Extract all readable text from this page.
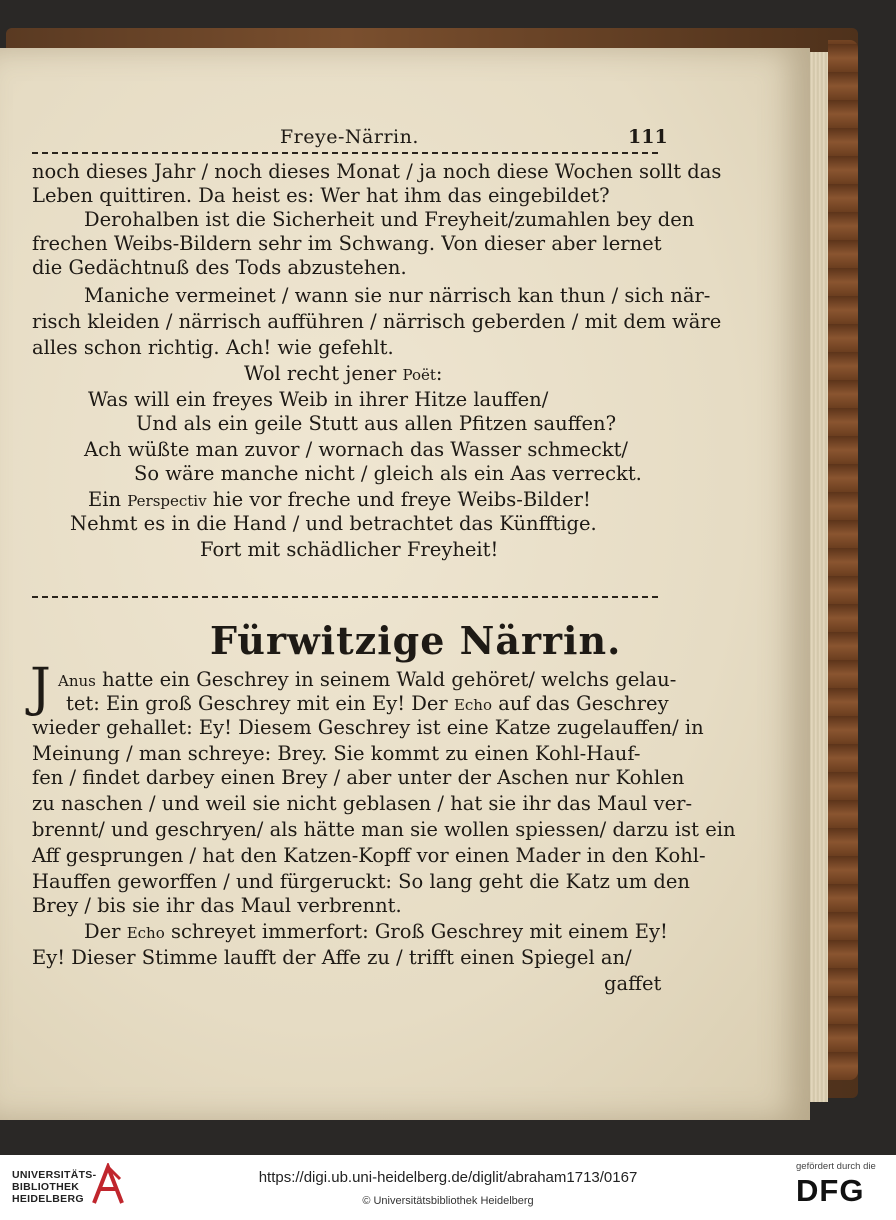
Freye-Närrin.	111
noch dieses Jahr / noch dieses Monat / ja noch diese Wochen sollt das
Leben quittiren. Da heist es: Wer hat ihm das eingebildet?
Derohalben ist die Sicherheit und Freyheit/zumahlen bey den
frechen Weibs-Bildern sehr im Schwang. Von dieser aber lernet
die Gedächtnuß des Tods abzustehen.
Maniche vermeinet / wann sie nur närrisch kan thun / sich när-
risch kleiden / närrisch aufführen / närrisch geberden / mit dem wäre
alles schon richtig. Ach! wie gefehlt.
Wol recht jener Poët:
Was will ein freyes Weib in ihrer Hitze lauffen/
Und als ein geile Stutt aus allen Pfitzen sauffen?
Ach wüßte man zuvor / wornach das Wasser schmeckt/
So wäre manche nicht / gleich als ein Aas verreckt.
Ein Perspectiv hie vor freche und freye Weibs-Bilder!
Nehmt es in die Hand / und betrachtet das Künfftige.
Fort mit schädlicher Freyheit!
Fürwitzige Närrin.
J Anus hatte ein Geschrey in seinem Wald gehöret/ welchs gelau-
tet: Ein groß Geschrey mit ein Ey! Der Echo auf das Geschrey
wieder gehallet: Ey! Diesem Geschrey ist eine Katze zugelauffen/ in
Meinung / man schreye: Brey. Sie kommt zu einen Kohl-Hauf-
fen / findet darbey einen Brey / aber unter der Aschen nur Kohlen
zu naschen / und weil sie nicht geblasen / hat sie ihr das Maul ver-
brennt/ und geschryen/ als hätte man sie wollen spiessen/ darzu ist ein
Aff gesprungen / hat den Katzen-Kopff vor einen Mader in den Kohl-
Hauffen geworffen / und fürgeruckt: So lang geht die Katz um den
Brey / bis sie ihr das Maul verbrennt.
Der Echo schreyet immerfort: Groß Geschrey mit einem Ey!
Ey! Dieser Stimme laufft der Affe zu / trifft einen Spiegel an/
gaffet
UNIVERSITÄTS-
BIBLIOTHEK
HEIDELBERG
https://digi.ub.uni-heidelberg.de/diglit/abraham1713/0167
© Universitätsbibliothek Heidelberg
gefördert durch die
DFG
